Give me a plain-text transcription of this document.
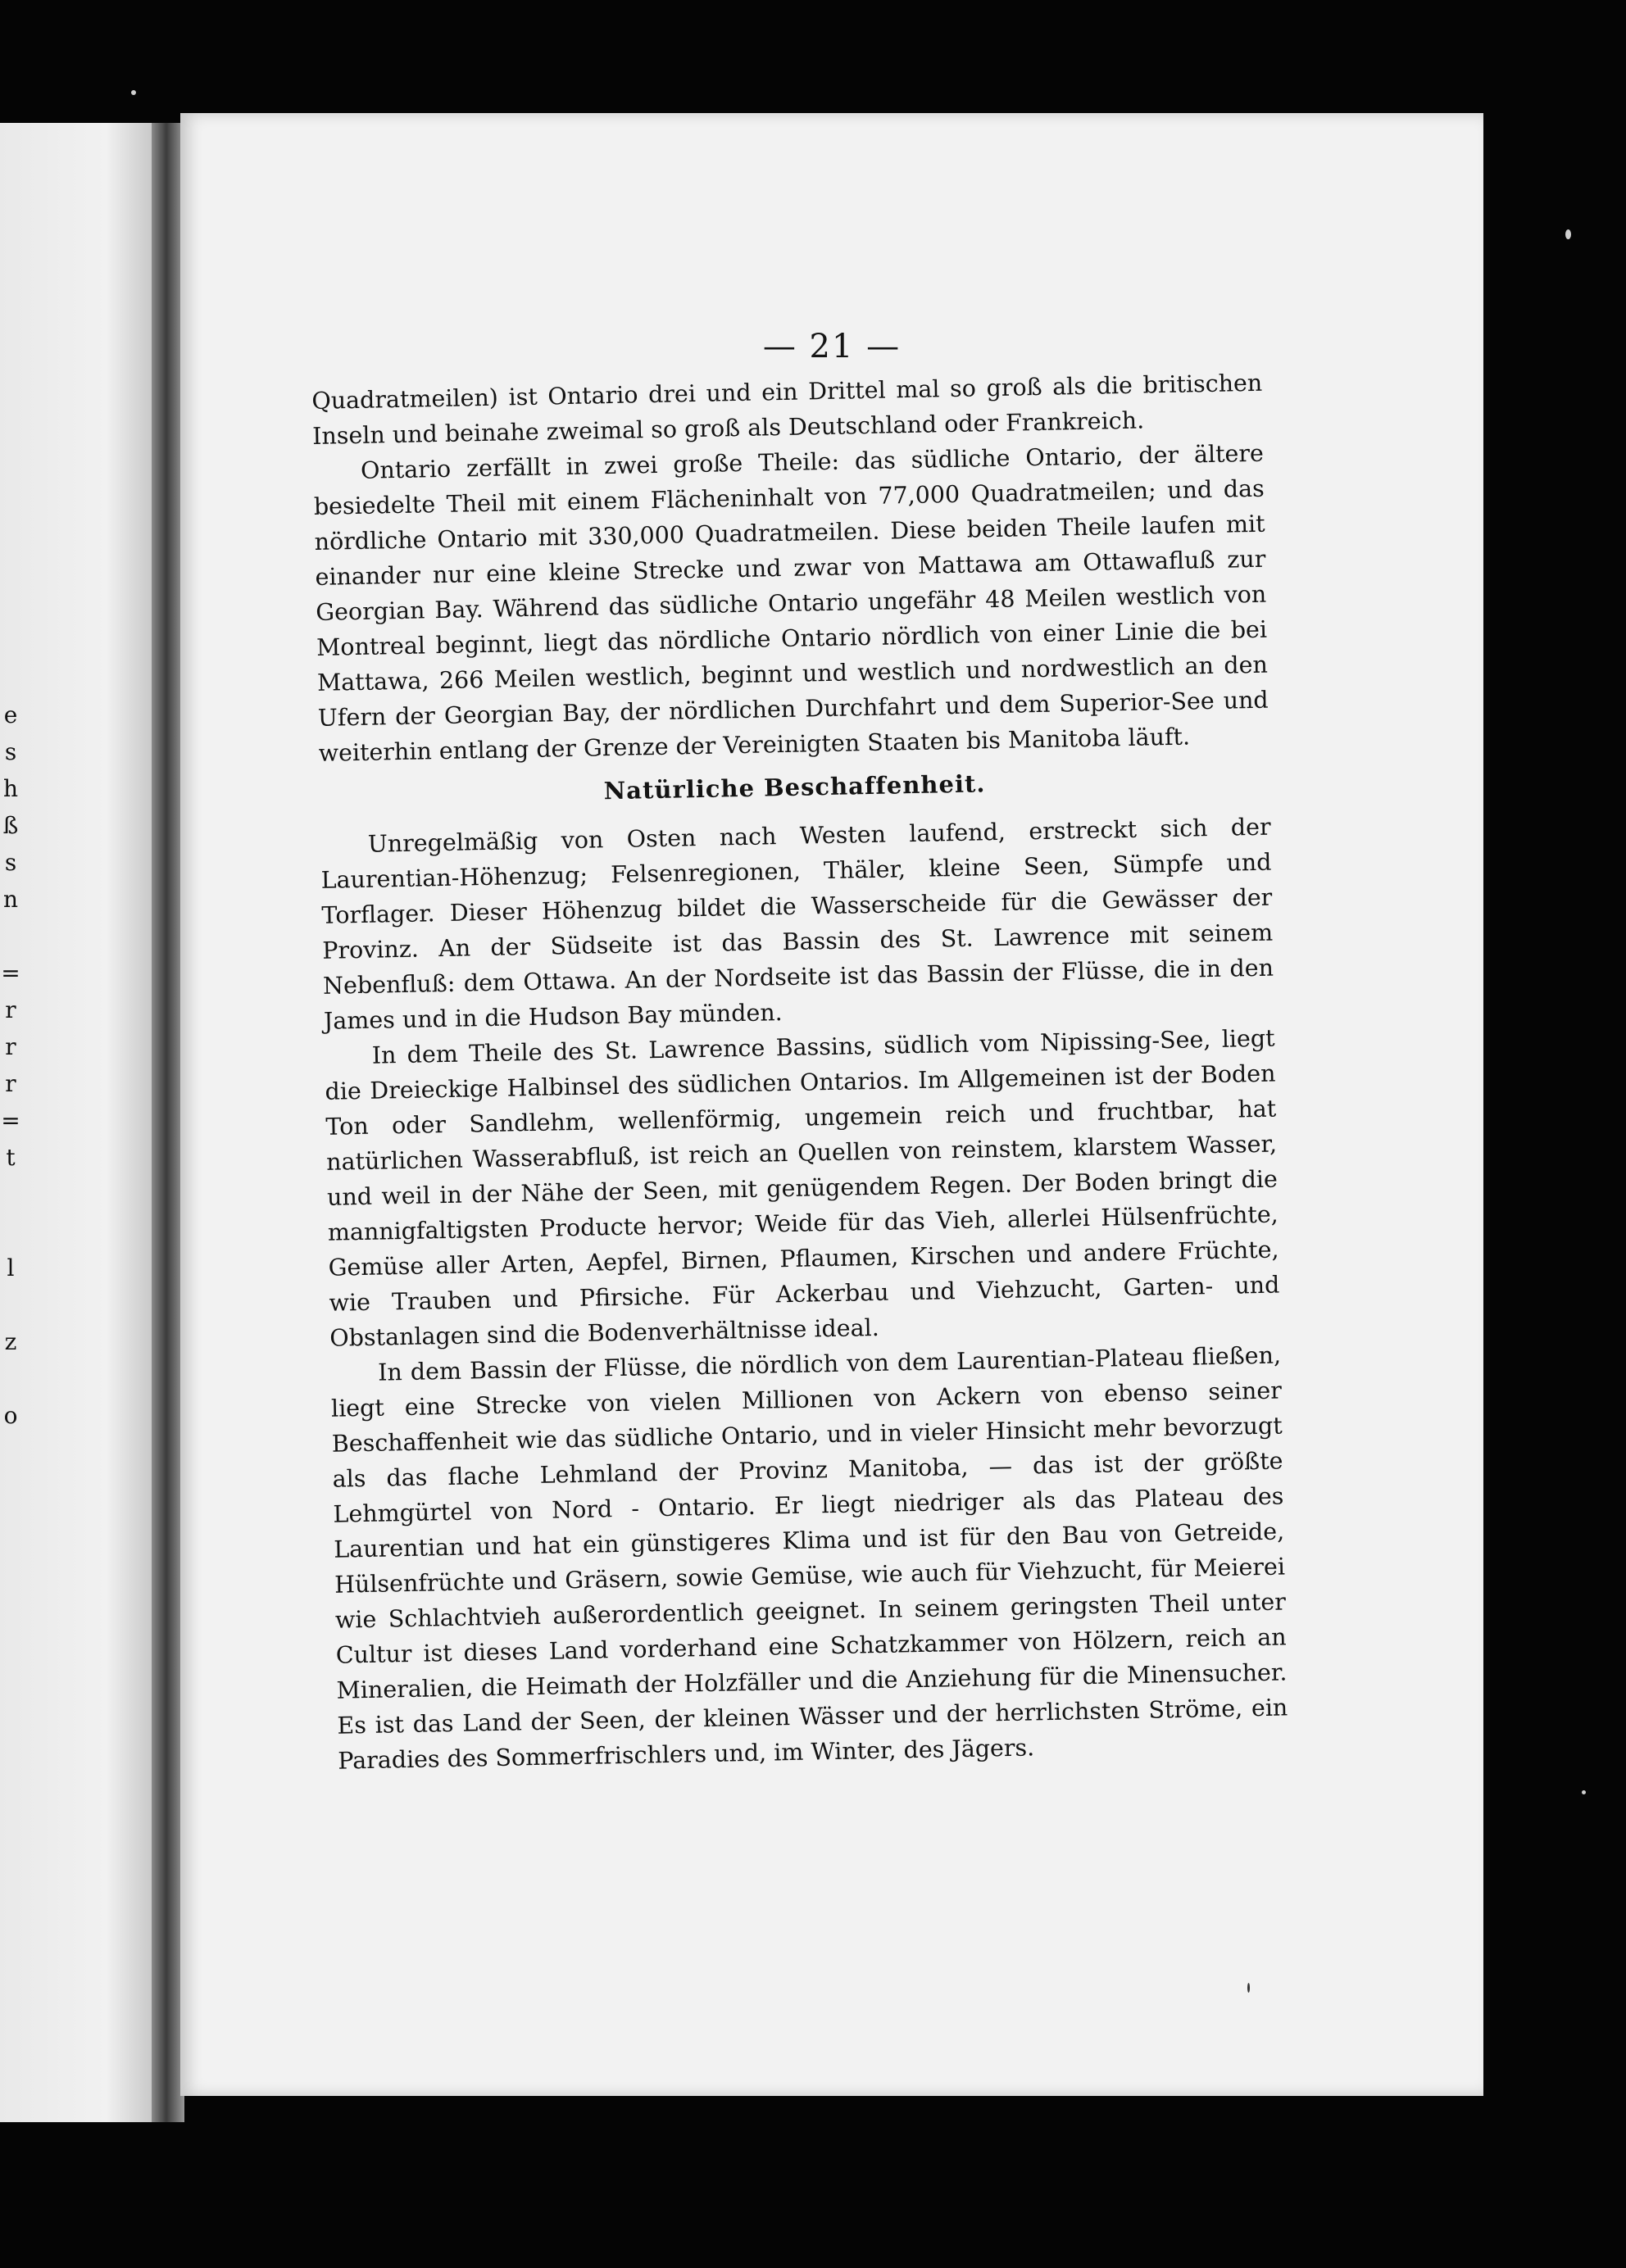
e
s
h
ß
s
n

=
r
r
r
=
t

l

z

o
— 21 —

Quadratmeilen) ist Ontario drei und ein Drittel mal so groß als die britischen Inseln und beinahe zweimal so groß als Deutschland oder Frankreich.

Ontario zerfällt in zwei große Theile: das südliche Ontario, der ältere besiedelte Theil mit einem Flächeninhalt von 77,000 Quadratmeilen; und das nördliche Ontario mit 330,000 Quadratmeilen. Diese beiden Theile laufen mit einander nur eine kleine Strecke und zwar von Mattawa am Ottawafluß zur Georgian Bay. Während das südliche Ontario ungefähr 48 Meilen westlich von Montreal beginnt, liegt das nördliche Ontario nördlich von einer Linie die bei Mattawa, 266 Meilen westlich, beginnt und westlich und nordwestlich an den Ufern der Georgian Bay, der nördlichen Durchfahrt und dem Superior-See und weiterhin entlang der Grenze der Vereinigten Staaten bis Manitoba läuft.

Natürliche Beschaffenheit.

Unregelmäßig von Osten nach Westen laufend, erstreckt sich der Laurentian-Höhenzug; Felsenregionen, Thäler, kleine Seen, Sümpfe und Torflager. Dieser Höhenzug bildet die Wasserscheide für die Gewässer der Provinz. An der Südseite ist das Bassin des St. Lawrence mit seinem Nebenfluß: dem Ottawa. An der Nordseite ist das Bassin der Flüsse, die in den James und in die Hudson Bay münden.

In dem Theile des St. Lawrence Bassins, südlich vom Nipissing-See, liegt die Dreieckige Halbinsel des südlichen Ontarios. Im Allgemeinen ist der Boden Ton oder Sandlehm, wellenförmig, ungemein reich und fruchtbar, hat natürlichen Wasserabfluß, ist reich an Quellen von reinstem, klarstem Wasser, und weil in der Nähe der Seen, mit genügendem Regen. Der Boden bringt die mannigfaltigsten Producte hervor; Weide für das Vieh, allerlei Hülsenfrüchte, Gemüse aller Arten, Aepfel, Birnen, Pflaumen, Kirschen und andere Früchte, wie Trauben und Pfirsiche. Für Ackerbau und Viehzucht, Garten- und Obstanlagen sind die Bodenverhältnisse ideal.

In dem Bassin der Flüsse, die nördlich von dem Laurentian-Plateau fließen, liegt eine Strecke von vielen Millionen von Ackern von ebenso seiner Beschaffenheit wie das südliche Ontario, und in vieler Hinsicht mehr bevorzugt als das flache Lehmland der Provinz Manitoba, — das ist der größte Lehmgürtel von Nord - Ontario. Er liegt niedriger als das Plateau des Laurentian und hat ein günstigeres Klima und ist für den Bau von Getreide, Hülsenfrüchte und Gräsern, sowie Gemüse, wie auch für Viehzucht, für Meierei wie Schlachtvieh außerordentlich geeignet. In seinem geringsten Theil unter Cultur ist dieses Land vorderhand eine Schatzkammer von Hölzern, reich an Mineralien, die Heimath der Holzfäller und die Anziehung für die Minensucher. Es ist das Land der Seen, der kleinen Wässer und der herrlichsten Ströme, ein Paradies des Sommerfrischlers und, im Winter, des Jägers.
